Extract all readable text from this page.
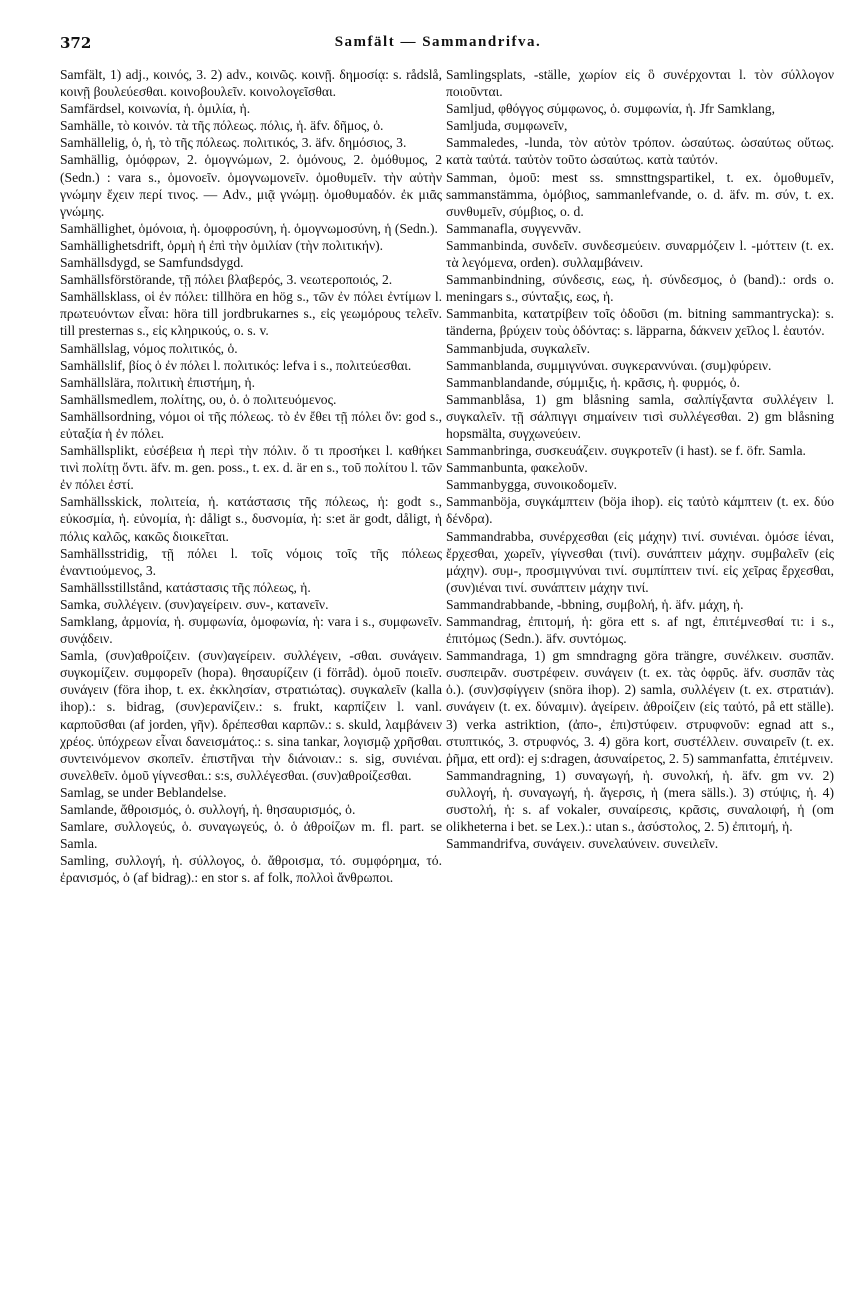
372	Samfält — Sammandrifva.

Samfält, 1) adj., κοινός, 3. 2) adv., κοινῶς. κοινῇ. δημοσίᾳ: s. rådslå, κοινῇ βουλεύεσθαι. κοινοβουλεῖν. κοινολογεῖσθαι.

Samfärdsel, κοινωνία, ἡ. ὁμιλία, ἡ.

Samhälle, τὸ κοινόν. τὰ τῆς πόλεως. πόλις, ἡ. äfv. δῆμος, ὁ.

Samhällelig, ὁ, ἡ, τὸ τῆς πόλεως. πολιτικός, 3. äfv. δημόσιος, 3.

Samhällig, ὁμόφρων, 2. ὁμογνώμων, 2. ὁμόνους, 2. ὁμόθυμος, 2 (Sedn.) : vara s., ὁμονοεῖν. ὁμογνωμονεῖν. ὁμοθυμεῖν. τὴν αὐτὴν γνώμην ἔχειν περί τινος. — Adv., μιᾷ γνώμῃ. ὁμοθυμαδόν. ἐκ μιᾶς γνώμης.

Samhällighet, ὁμόνοια, ἡ. ὁμοφροσύνη, ἡ. ὁμογνωμοσύνη, ἡ (Sedn.).

Samhällighetsdrift, ὁρμὴ ἡ ἐπὶ τὴν ὁμιλίαν (τὴν πολιτικήν).

Samhällsdygd, se Samfundsdygd.

Samhällsförstörande, τῇ πόλει βλαβερός, 3. νεωτεροποιός, 2.

Samhällsklass, οἱ ἐν πόλει: tillhöra en hög s., τῶν ἐν πόλει ἐντίμων l. πρωτευόντων εἶναι: höra till jordbrukarnes s., εἰς γεωμόρους τελεῖν. till presternas s., εἰς κληρικούς, o. s. v.

Samhällslag, νόμος πολιτικός, ὁ.

Samhällslif, βίος ὁ ἐν πόλει l. πολιτικός: lefva i s., πολιτεύεσθαι.

Samhällslära, πολιτικὴ ἐπιστήμη, ἡ.

Samhällsmedlem, πολίτης, ου, ὁ. ὁ πολιτευόμενος.

Samhällsordning, νόμοι οἱ τῆς πόλεως. τὸ ἐν ἔθει τῇ πόλει ὄν: god s., εὐταξία ἡ ἐν πόλει.

Samhällsplikt, εὐσέβεια ἡ περὶ τὴν πόλιν. ὅ τι προσήκει l. καθήκει τινὶ πολίτῃ ὄντι. äfv. m. gen. poss., t. ex. d. är en s., τοῦ πολίτου l. τῶν ἐν πόλει ἐστί.

Samhällsskick, πολιτεία, ἡ. κατάστασις τῆς πόλεως, ἡ: godt s., εὐκοσμία, ἡ. εὐνομία, ἡ: dåligt s., δυσνομία, ἡ: s:et är godt, dåligt, ἡ πόλις καλῶς, κακῶς διοικεῖται.

Samhällsstridig, τῇ πόλει l. τοῖς νόμοις τοῖς τῆς πόλεως ἐναντιούμενος, 3.

Samhällsstillstånd, κατάστασις τῆς πόλεως, ἡ.

Samka, συλλέγειν. (συν)αγείρειν. συν-, κατανεῖν.

Samklang, ἁρμονία, ἡ. συμφωνία, ὁμοφωνία, ἡ: vara i s., συμφωνεῖν. συνᾴδειν.

Samla, (συν)αθροίζειν. (συν)αγείρειν. συλλέγειν, -σθαι. συνάγειν. συγκομίζειν. συμφορεῖν (hopa). θησαυρίζειν (i förråd). ὁμοῦ ποιεῖν. συνάγειν (föra ihop, t. ex. ἐκκλησίαν, στρατιώτας). συγκαλεῖν (kalla ihop).: s. bidrag, (συν)ερανίζειν.: s. frukt, καρπίζειν l. vanl. καρποῦσθαι (af jorden, γῆν). δρέπεσθαι καρπῶν.: s. skuld, λαμβάνειν χρέος. ὑπόχρεων εἶναι δανεισμάτος.: s. sina tankar, λογισμῷ χρῆσθαι. συντεινόμενον σκοπεῖν. ἐπιστῆναι τὴν διάνοιαν.: s. sig, συνιέναι. συνελθεῖν. ὁμοῦ γίγνεσθαι.: s:s, συλλέγεσθαι. (συν)αθροίζεσθαι.

Samlag, se under Beblandelse.

Samlande, ἄθροισμός, ὁ. συλλογή, ἡ. θησαυρισμός, ὁ.

Samlare, συλλογεύς, ὁ. συναγωγεύς, ὁ. ὁ ἀθροίζων m. fl. part. se Samla.

Samling, συλλογή, ἡ. σύλλογος, ὁ. ἄθροισμα, τό. συμφόρημα, τό. ἐρανισμός, ὁ (af bidrag).: en stor s. af folk, πολλοὶ ἄνθρωποι.

Samlingsplats, -ställe, χωρίον εἰς ὃ συνέρχονται l. τὸν σύλλογον ποιοῦνται.

Samljud, φθόγγος σύμφωνος, ὁ. συμφωνία, ἡ. Jfr Samklang,

Samljuda, συμφωνεῖν,

Sammaledes, -lunda, τὸν αὐτὸν τρόπον. ὡσαύτως. ὡσαύτως οὕτως. κατὰ ταὐτά. ταὐτὸν τοῦτο ὡσαύτως. κατὰ ταὐτόν.

Samman, ὁμοῦ: mest ss. smnsttngspartikel, t. ex. ὁμοθυμεῖν, sammanstämma, ὁμόβιος, sammanlefvande, o. d. äfv. m. σύν, t. ex. συνθυμεῖν, σύμβιος, o. d.

Sammanafla, συγγεννᾶν.

Sammanbinda, συνδεῖν. συνδεσμεύειν. συναρμόζειν l. -μόττειν (t. ex. τὰ λεγόμενα, orden). συλλαμβάνειν.

Sammanbindning, σύνδεσις, εως, ἡ. σύνδεσμος, ὁ (band).: ords o. meningars s., σύνταξις, εως, ἡ.

Sammanbita, κατατρίβειν τοῖς ὀδοῦσι (m. bitning sammantrycka): s. tänderna, βρύχειν τοὺς ὀδόντας: s. läpparna, δάκνειν χεῖλος l. ἑαυτόν.

Sammanbjuda, συγκαλεῖν.

Sammanblanda, συμμιγνύναι. συγκεραννύναι. (συμ)φύρειν.

Sammanblandande, σύμμιξις, ἡ. κρᾶσις, ἡ. φυρμός, ὁ.

Sammanblåsa, 1) gm blåsning samla, σαλπίγξαντα συλλέγειν l. συγκαλεῖν. τῇ σάλπιγγι σημαίνειν τισὶ συλλέγεσθαι. 2) gm blåsning hopsmälta, συγχωνεύειν.

Sammanbringa, συσκευάζειν. συγκροτεῖν (i hast). se f. öfr. Samla.

Sammanbunta, φακελοῦν.

Sammanbygga, συνοικοδομεῖν.

Sammanböja, συγκάμπτειν (böja ihop). εἰς ταὐτὸ κάμπτειν (t. ex. δύο δένδρα).

Sammandrabba, συνέρχεσθαι (εἰς μάχην) τινί. συνιέναι. ὁμόσε ἰέναι, ἔρχεσθαι, χωρεῖν, γίγνεσθαι (τινί). συνάπτειν μάχην. συμβαλεῖν (εἰς μάχην). συμ-, προσμιγνύναι τινί. συμπίπτειν τινί. εἰς χεῖρας ἔρχεσθαι, (συν)ιέναι τινί. συνάπτειν μάχην τινί.

Sammandrabbande, -bbning, συμβολή, ἡ. äfv. μάχη, ἡ.

Sammandrag, ἐπιτομή, ἡ: göra ett s. af ngt, ἐπιτέμνεσθαί τι: i s., ἐπιτόμως (Sedn.). äfv. συντόμως.

Sammandraga, 1) gm smndragng göra trängre, συνέλκειν. συσπᾶν. συσπειρᾶν. συστρέφειν. συνάγειν (t. ex. τὰς ὀφρῦς. äfv. συσπᾶν τὰς ὀ.). (συν)σφίγγειν (snöra ihop). 2) samla, συλλέγειν (t. ex. στρατιάν). συνάγειν (t. ex. δύναμιν). ἀγείρειν. ἀθροίζειν (εἰς ταὐτό, på ett ställe). 3) verka astriktion, (ἀπο-, ἐπι)στύφειν. στρυφνοῦν: egnad att s., στυπτικός, 3. στρυφνός, 3. 4) göra kort, συστέλλειν. συναιρεῖν (t. ex. ῥῆμα, ett ord): ej s:dragen, ἀσυναίρετος, 2. 5) sammanfatta, ἐπιτέμνειν.

Sammandragning, 1) συναγωγή, ἡ. συνολκή, ἡ. äfv. gm vv. 2) συλλογή, ἡ. συναγωγή, ἡ. ἄγερσις, ἡ (mera sälls.). 3) στύψις, ἡ. 4) συστολή, ἡ: s. af vokaler, συναίρεσις, κρᾶσις, συναλοιφή, ἡ (om olikheterna i bet. se Lex.).: utan s., ἀσύστολος, 2. 5) ἐπιτομή, ἡ.

Sammandrifva, συνάγειν. συνελαύνειν. συνειλεῖν.
